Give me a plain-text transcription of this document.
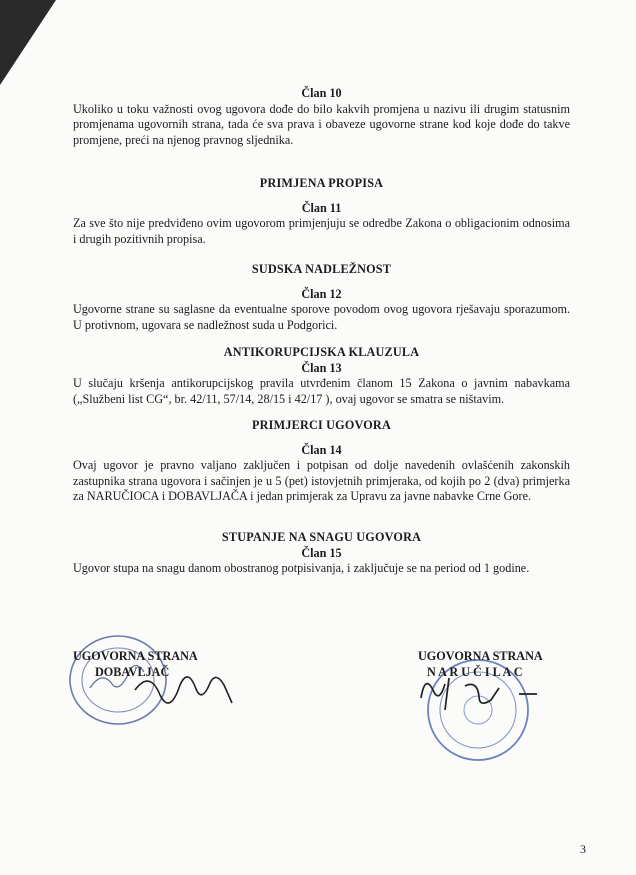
Član 10

Ukoliko u toku važnosti ovog ugovora dođe do bilo kakvih promjena u nazivu ili drugim statusnim promjenama ugovornih strana, tada će sva prava i obaveze ugovorne strane kod koje dođe do takve promjene, preći na njenog pravnog sljednika.

PRIMJENA PROPISA
Član 11

Za sve što nije predviđeno ovim ugovorom primjenjuju se odredbe Zakona o obligacionim odnosima i drugih pozitivnih propisa.

SUDSKA NADLEŽNOST
Član 12

Ugovorne strane su saglasne da eventualne sporove povodom ovog ugovora rješavaju sporazumom. U protivnom, ugovara se nadležnost suda u Podgorici.

ANTIKORUPCIJSKA KLAUZULA
Član 13

U slučaju kršenja antikorupcijskog pravila utvrđenim članom 15 Zakona o javnim nabavkama („Službeni list CG“, br. 42/11, 57/14, 28/15 i 42/17 ), ovaj ugovor se smatra se ništavim.

PRIMJERCI UGOVORA
Član 14

Ovaj ugovor je pravno valjano zaključen i potpisan od dolje navedenih ovlašćenih zakonskih zastupnika strana ugovora i sačinjen je u 5 (pet) istovjetnih primjeraka, od kojih po 2 (dva) primjerka za NARUČIOCA i DOBAVLJAČA i jedan primjerak za Upravu za javne nabavke Crne Gore.

STUPANJE NA SNAGU UGOVORA
Član 15

Ugovor stupa na snagu danom obostranog potpisivanja, i zaključuje se na period od 1 godine.

UGOVORNA STRANA
DOBAVLJAČ
UGOVORNA STRANA
N A R U Č I L A C
3
